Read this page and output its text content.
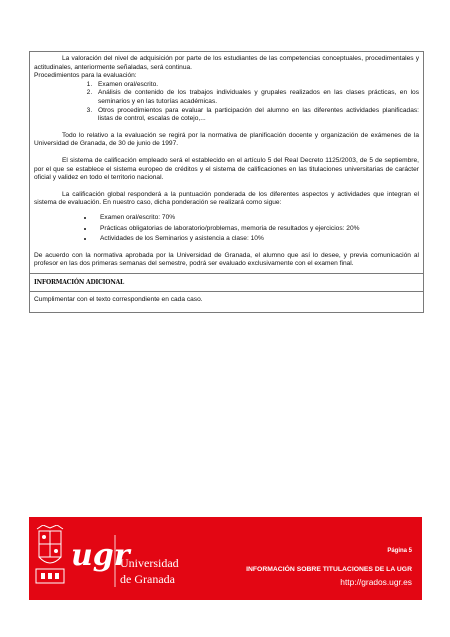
La valoración del nivel de adquisición por parte de los estudiantes de las competencias conceptuales, procedimentales y actitudinales, anteriormente señaladas, será continua.

Procedimientos para la evaluación:

1. Examen oral/escrito.
2. Análisis de contenido de los trabajos individuales y grupales realizados en las clases prácticas, en los seminarios y en las tutorías académicas.
3. Otros procedimientos para evaluar la participación del alumno en las diferentes actividades planificadas: listas de control, escalas de cotejo,...

Todo lo relativo a la evaluación se regirá por la normativa de planificación docente y organización de exámenes de la Universidad de Granada, de 30 de junio de 1997.

El sistema de calificación empleado será el establecido en el artículo 5 del Real Decreto 1125/2003, de 5 de septiembre, por el que se establece el sistema europeo de créditos y el sistema de calificaciones en las titulaciones universitarias de carácter oficial y validez en todo el territorio nacional.

La calificación global responderá a la puntuación ponderada de los diferentes aspectos y actividades que integran el sistema de evaluación. En nuestro caso, dicha ponderación se realizará como sigue:

• Examen oral/escrito: 70%
• Prácticas obligatorias de laboratorio/problemas, memoria de resultados y ejercicios: 20%
• Actividades de los Seminarios y asistencia a clase: 10%

De acuerdo con la normativa aprobada por la Universidad de Granada, el alumno que así lo desee, y previa comunicación al profesor en las dos primeras semanas del semestre, podrá ser evaluado exclusivamente con el examen final.

INFORMACIÓN ADICIONAL

Cumplimentar con el texto correspondiente en cada caso.

ugr
Universidad
de Granada
Página 5
INFORMACIÓN SOBRE TITULACIONES DE LA UGR
http://grados.ugr.es
